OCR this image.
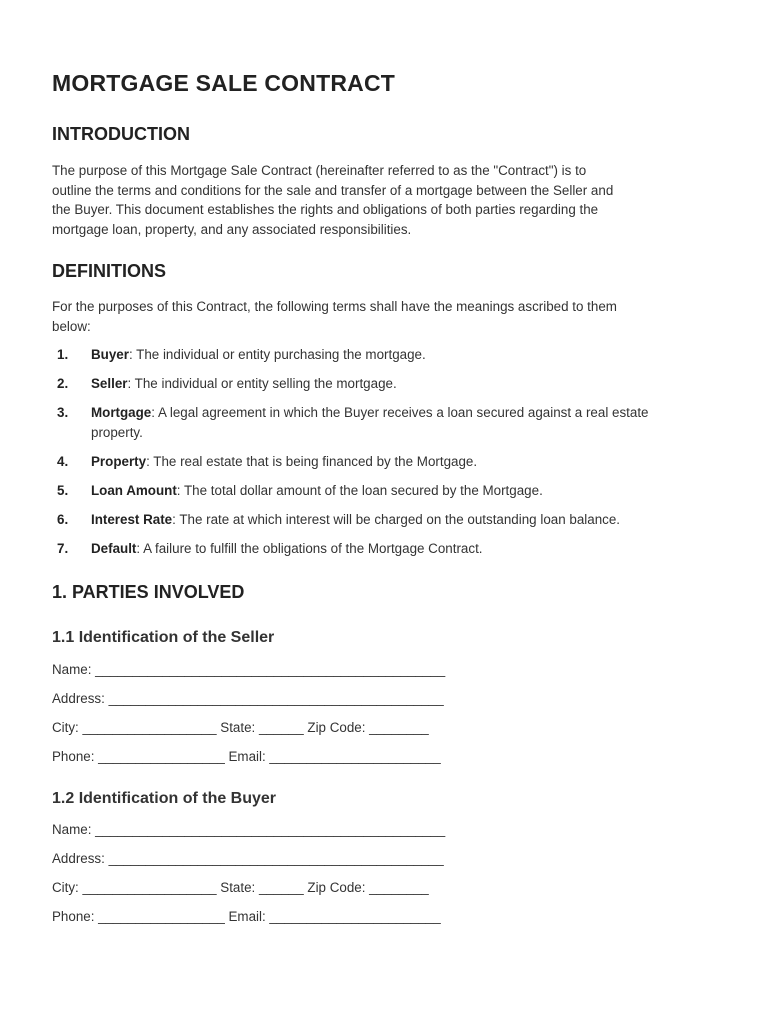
MORTGAGE SALE CONTRACT
INTRODUCTION
The purpose of this Mortgage Sale Contract (hereinafter referred to as the "Contract") is to
outline the terms and conditions for the sale and transfer of a mortgage between the Seller and
the Buyer. This document establishes the rights and obligations of both parties regarding the
mortgage loan, property, and any associated responsibilities.
DEFINITIONS
For the purposes of this Contract, the following terms shall have the meanings ascribed to them
below:
1. Buyer: The individual or entity purchasing the mortgage.
2. Seller: The individual or entity selling the mortgage.
3. Mortgage: A legal agreement in which the Buyer receives a loan secured against a real estate property.
4. Property: The real estate that is being financed by the Mortgage.
5. Loan Amount: The total dollar amount of the loan secured by the Mortgage.
6. Interest Rate: The rate at which interest will be charged on the outstanding loan balance.
7. Default: A failure to fulfill the obligations of the Mortgage Contract.
1. PARTIES INVOLVED
1.1 Identification of the Seller
Name: _______________________________________________
Address: _____________________________________________
City: __________________ State: ______ Zip Code: ________
Phone: _________________ Email: _______________________
1.2 Identification of the Buyer
Name: _______________________________________________
Address: _____________________________________________
City: __________________ State: ______ Zip Code: ________
Phone: _________________ Email: _______________________
